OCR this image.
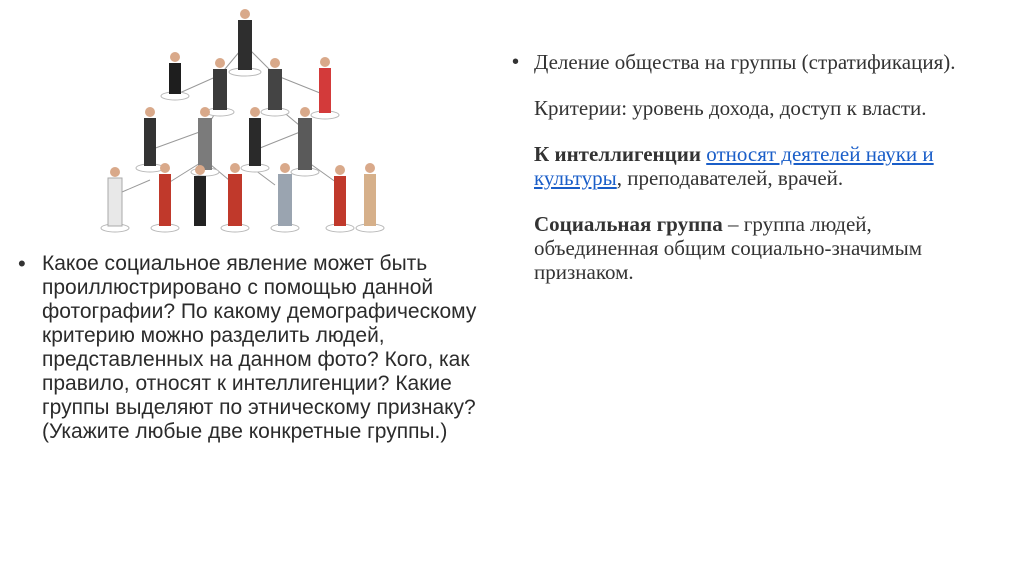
• Какое социальное явление может быть проиллюстрировано с помощью данной фотографии? По какому демографическому критерию можно разделить людей, представленных на данном фото? Кого, как правило, относят к интеллигенции? Какие группы выделяют по этническому признаку? (Укажите любые две конкретные группы.)
• Деление общества на группы (стратификация).

Критерии: уровень дохода, доступ к власти.

К интеллигенции относят деятелей науки и культуры, преподавателей, врачей.

Социальная группа – группа людей, объединенная общим социально-значимым признаком.
